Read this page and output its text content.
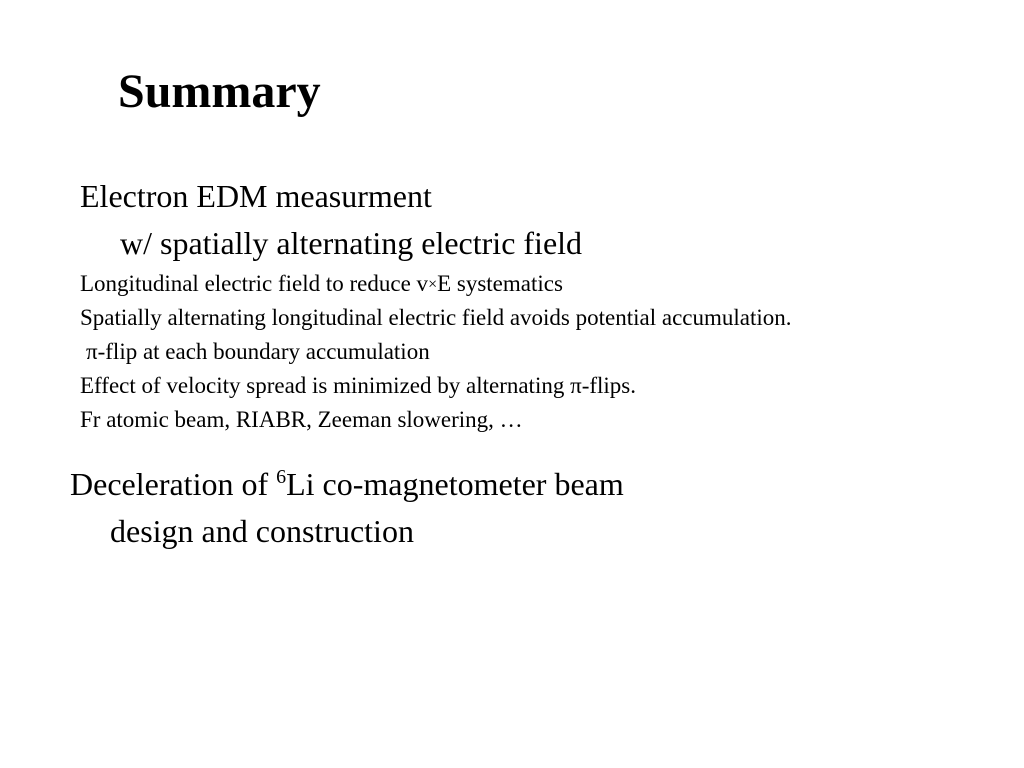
Summary
Electron EDM measurment
w/ spatially alternating electric field
Longitudinal electric field to reduce v×E systematics
Spatially alternating longitudinal electric field avoids potential accumulation.
π-flip at each boundary accumulation
Effect of velocity spread is minimized by alternating π-flips.
Fr atomic beam, RIABR, Zeeman slowering, …
Deceleration of $^6$Li co-magnetometer beam
design and construction
